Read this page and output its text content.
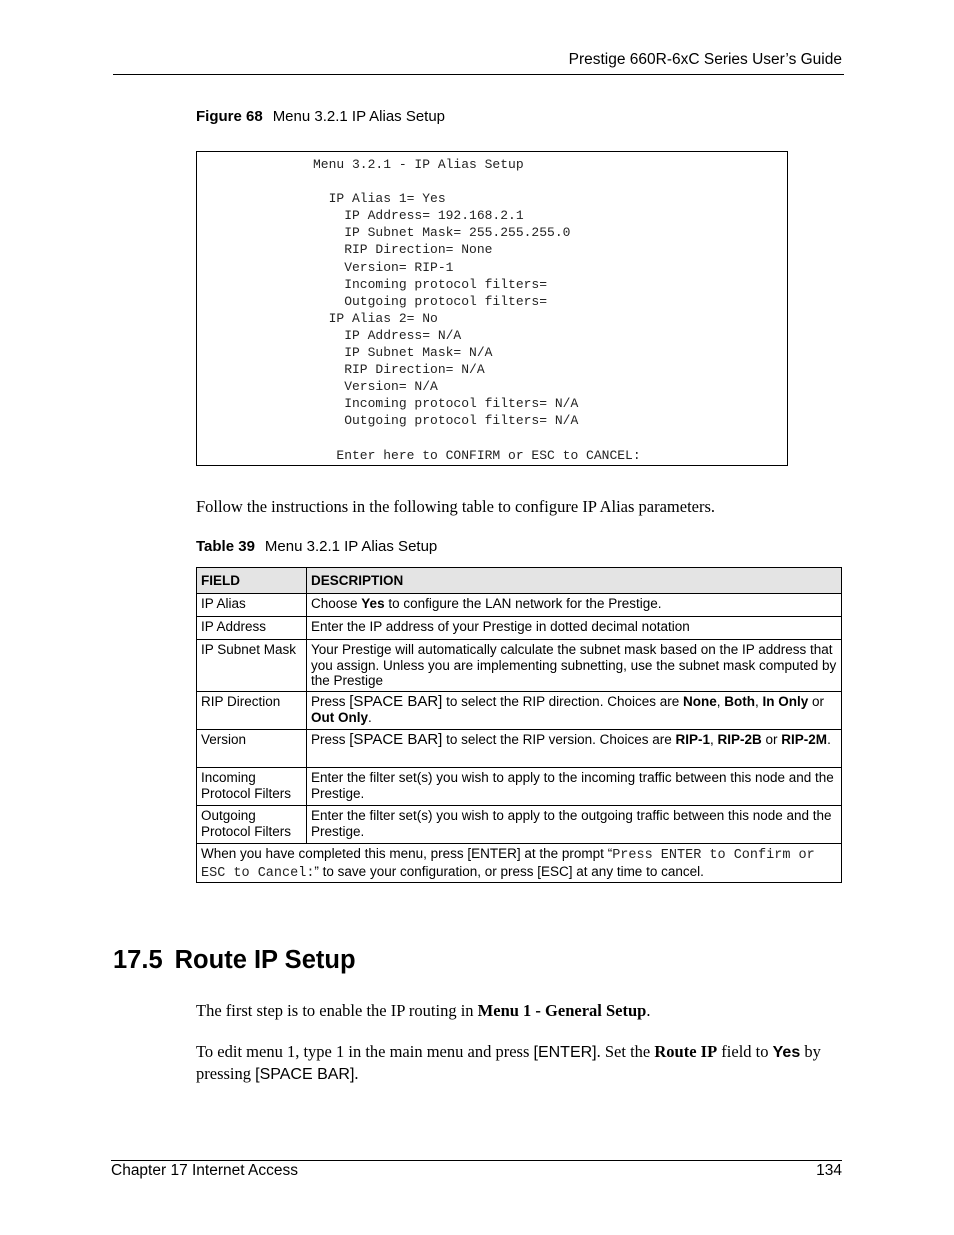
Prestige 660R-6xC Series User’s Guide
Figure 68 Menu 3.2.1 IP Alias Setup
Menu 3.2.1 - IP Alias Setup

IP Alias 1= Yes
IP Address= 192.168.2.1
IP Subnet Mask= 255.255.255.0
RIP Direction= None
Version= RIP-1
Incoming protocol filters=
Outgoing protocol filters=
IP Alias 2= No
IP Address= N/A
IP Subnet Mask= N/A
RIP Direction= N/A
Version= N/A
Incoming protocol filters= N/A
Outgoing protocol filters= N/A

Enter here to CONFIRM or ESC to CANCEL:
Follow the instructions in the following table to configure IP Alias parameters.
Table 39 Menu 3.2.1 IP Alias Setup
FIELD	DESCRIPTION
IP Alias	Choose Yes to configure the LAN network for the Prestige.
IP Address	Enter the IP address of your Prestige in dotted decimal notation
IP Subnet Mask	Your Prestige will automatically calculate the subnet mask based on the IP address that you assign. Unless you are implementing subnetting, use the subnet mask computed by the Prestige
RIP Direction	Press [SPACE BAR] to select the RIP direction. Choices are None, Both, In Only or Out Only.
Version	Press [SPACE BAR] to select the RIP version. Choices are RIP-1, RIP-2B or RIP-2M.
Incoming Protocol Filters	Enter the filter set(s) you wish to apply to the incoming traffic between this node and the Prestige.
Outgoing Protocol Filters	Enter the filter set(s) you wish to apply to the outgoing traffic between this node and the Prestige.
When you have completed this menu, press [ENTER] at the prompt “Press ENTER to Confirm or ESC to Cancel:” to save your configuration, or press [ESC] at any time to cancel.	
17.5 Route IP Setup
The first step is to enable the IP routing in Menu 1 - General Setup.
To edit menu 1, type 1 in the main menu and press [ENTER]. Set the Route IP field to Yes by pressing [SPACE BAR].
Chapter 17 Internet Access	134
